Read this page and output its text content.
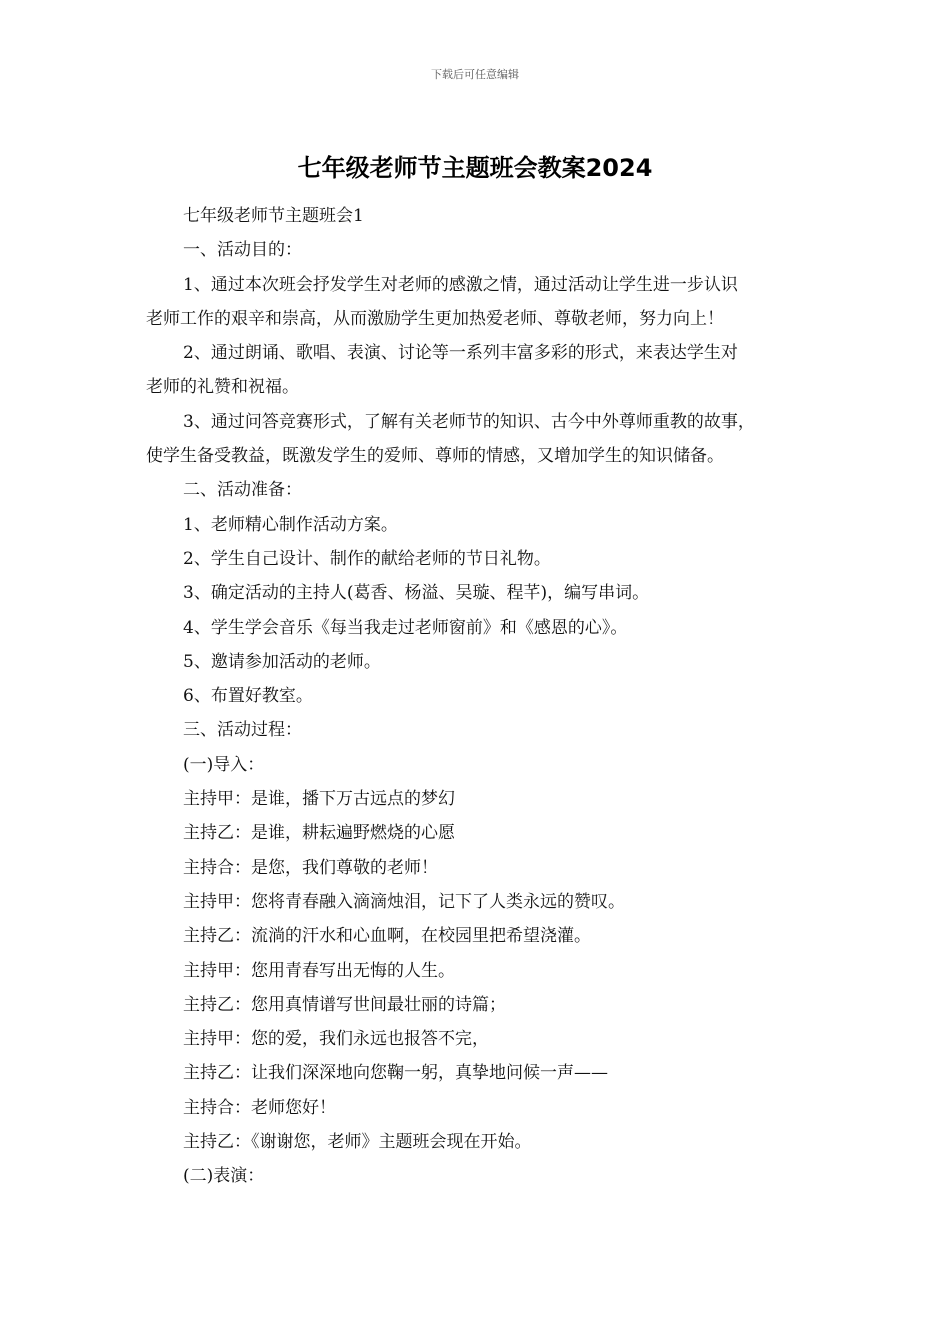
下载后可任意编辑
七年级老师节主题班会教案2024
七年级老师节主题班会1
一、活动目的：
1、通过本次班会抒发学生对老师的感激之情，通过活动让学生进一步认识
老师工作的艰辛和崇高，从而激励学生更加热爱老师、尊敬老师，努力向上！
2、通过朗诵、歌唱、表演、讨论等一系列丰富多彩的形式，来表达学生对
老师的礼赞和祝福。
3、通过问答竞赛形式，了解有关老师节的知识、古今中外尊师重教的故事，
使学生备受教益，既激发学生的爱师、尊师的情感，又增加学生的知识储备。
二、活动准备：
1、老师精心制作活动方案。
2、学生自己设计、制作的献给老师的节日礼物。
3、确定活动的主持人(葛香、杨溢、吴璇、程芊)，编写串词。
4、学生学会音乐《每当我走过老师窗前》和《感恩的心》。
5、邀请参加活动的老师。
6、布置好教室。
三、活动过程：
(一)导入：
主持甲：是谁，播下万古远点的梦幻
主持乙：是谁，耕耘遍野燃烧的心愿
主持合：是您，我们尊敬的老师！
主持甲：您将青春融入滴滴烛泪，记下了人类永远的赞叹。
主持乙：流淌的汗水和心血啊，在校园里把希望浇灌。
主持甲：您用青春写出无悔的人生。
主持乙：您用真情谱写世间最壮丽的诗篇；
主持甲：您的爱，我们永远也报答不完，
主持乙：让我们深深地向您鞠一躬，真挚地问候一声——
主持合：老师您好！
主持乙：《谢谢您，老师》主题班会现在开始。
(二)表演：
